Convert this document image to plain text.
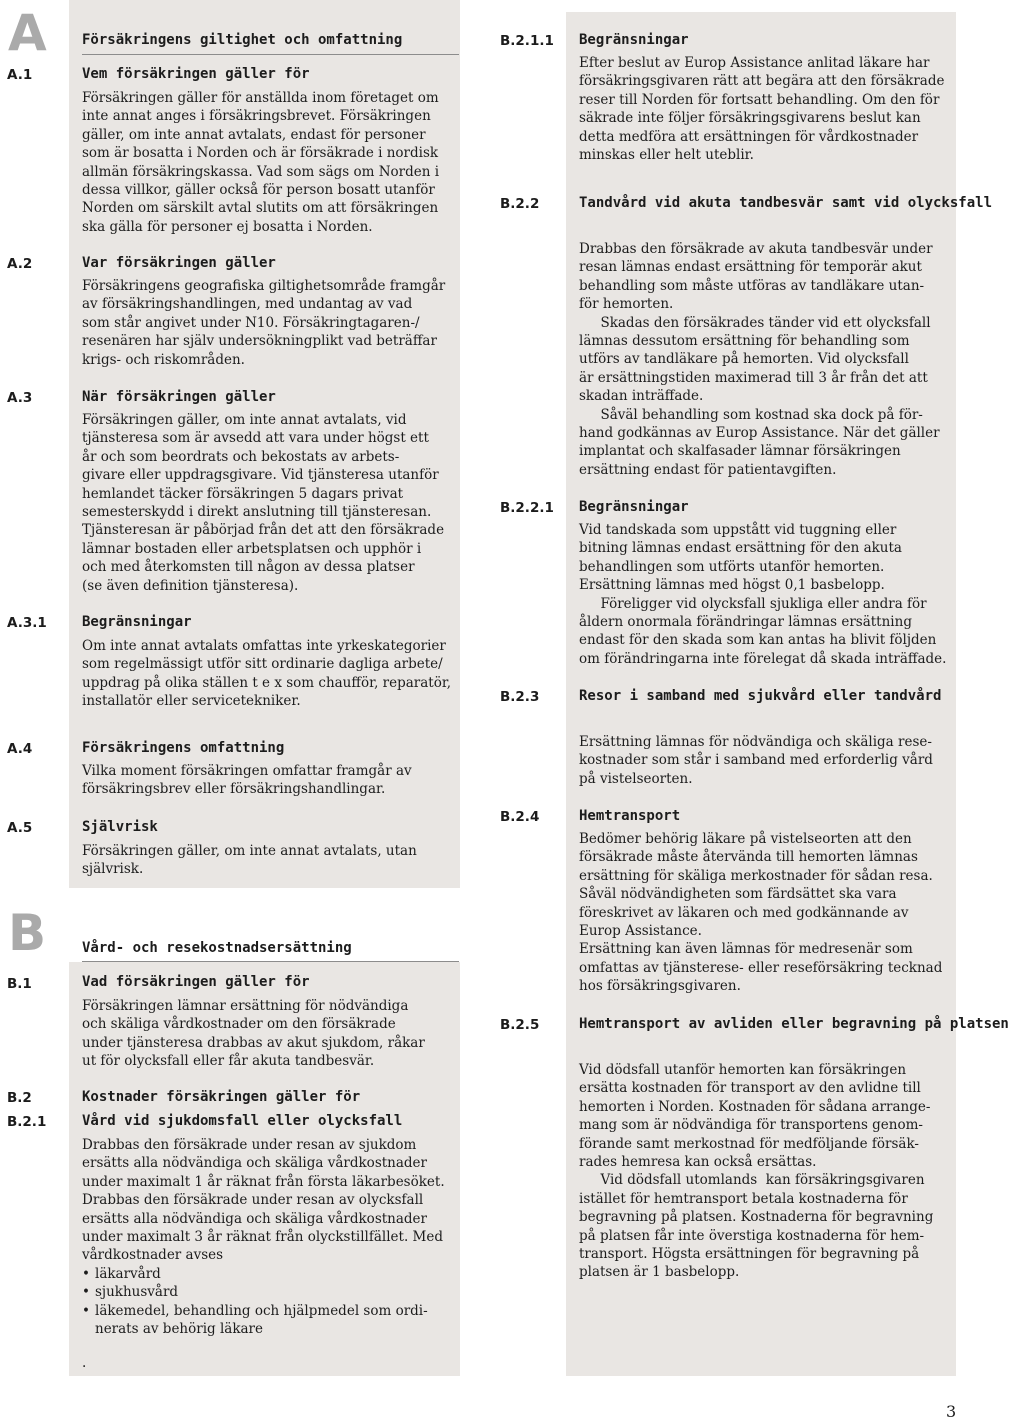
A	Försäkringens giltighet och omfattning
A.1	Vem försäkringen gäller för
Försäkringen gäller för anställda inom företaget om
inte annat anges i försäkringsbrevet. Försäkringen
gäller, om inte annat avtalats, endast för personer
som är bosatta i Norden och är försäkrade i nordisk
allmän försäkringskassa. Vad som sägs om Norden i
dessa villkor, gäller också för person bosatt utanför
Norden om särskilt avtal slutits om att försäkringen
ska gälla för personer ej bosatta i Norden.
A.2	Var försäkringen gäller
Försäkringens geografiska giltighetsområde framgår
av försäkringshandlingen, med undantag av vad
som står angivet under N10. Försäkringtagaren-/
resenären har själv undersökningplikt vad beträffar
krigs- och riskområden.
A.3	När försäkringen gäller
Försäkringen gäller, om inte annat avtalats, vid
tjänsteresa som är avsedd att vara under högst ett
år och som beordrats och bekostats av arbets-
givare eller uppdragsgivare. Vid tjänsteresa utanför
hemlandet täcker försäkringen 5 dagars privat
semesterskydd i direkt anslutning till tjänsteresan.
Tjänsteresan är påbörjad från det att den försäkrade
lämnar bostaden eller arbetsplatsen och upphör i
och med återkomsten till någon av dessa platser
(se även definition tjänsteresa).
A.3.1	Begränsningar
Om inte annat avtalats omfattas inte yrkeskategorier
som regelmässigt utför sitt ordinarie dagliga arbete/
uppdrag på olika ställen t e x som chaufför, reparatör,
installatör eller servicetekniker.
A.4	Försäkringens omfattning
Vilka moment försäkringen omfattar framgår av
försäkringsbrev eller försäkringshandlingar.
A.5	Självrisk
Försäkringen gäller, om inte annat avtalats, utan
självrisk.
B	Vård- och resekostnadsersättning
B.1	Vad försäkringen gäller för
Försäkringen lämnar ersättning för nödvändiga
och skäliga vårdkostnader om den försäkrade
under tjänsteresa drabbas av akut sjukdom, råkar
ut för olycksfall eller får akuta tandbesvär.
B.2	Kostnader försäkringen gäller för
B.2.1	Vård vid sjukdomsfall eller olycksfall
Drabbas den försäkrade under resan av sjukdom
ersätts alla nödvändiga och skäliga vårdkostnader
under maximalt 1 år räknat från första läkarbesöket.
Drabbas den försäkrade under resan av olycksfall
ersätts alla nödvändiga och skäliga vårdkostnader
under maximalt 3 år räknat från olyckstillfället. Med
vårdkostnader avses
• läkarvård
• sjukhusvård
• läkemedel, behandling och hjälpmedel som ordi-
nerats av behörig läkare
.
B.2.1.1 Begränsningar
Efter beslut av Europ Assistance anlitad läkare har
försäkringsgivaren rätt att begära att den försäkrade
reser till Norden för fortsatt behandling. Om den för
säkrade inte följer försäkringsgivarens beslut kan
detta medföra att ersättningen för vårdkostnader
minskas eller helt uteblir.
B.2.2	Tandvård vid akuta tandbesvär samt vid olycksfall
Drabbas den försäkrade av akuta tandbesvär under
resan lämnas endast ersättning för temporär akut
behandling som måste utföras av tandläkare utan-
för hemorten.
Skadas den försäkrades tänder vid ett olycksfall
lämnas dessutom ersättning för behandling som
utförs av tandläkare på hemorten. Vid olycksfall
är ersättningstiden maximerad till 3 år från det att
skadan inträffade.
Såväl behandling som kostnad ska dock på för-
hand godkännas av Europ Assistance. När det gäller
implantat och skalfasader lämnar försäkringen
ersättning endast för patientavgiften.
B.2.2.1 Begränsningar
Vid tandskada som uppstått vid tuggning eller
bitning lämnas endast ersättning för den akuta
behandlingen som utförts utanför hemorten.
Ersättning lämnas med högst 0,1 basbelopp.
Föreligger vid olycksfall sjukliga eller andra för
åldern onormala förändringar lämnas ersättning
endast för den skada som kan antas ha blivit följden
om förändringarna inte förelegat då skada inträffade.
B.2.3	Resor i samband med sjukvård eller tandvård
Ersättning lämnas för nödvändiga och skäliga rese-
kostnader som står i samband med erforderlig vård
på vistelseorten.
B.2.4	Hemtransport
Bedömer behörig läkare på vistelseorten att den
försäkrade måste återvända till hemorten lämnas
ersättning för skäliga merkostnader för sådan resa.
Såväl nödvändigheten som färdsättet ska vara
föreskrivet av läkaren och med godkännande av
Europ Assistance.
Ersättning kan även lämnas för medresenär som
omfattas av tjänsterese- eller reseförsäkring tecknad
hos försäkringsgivaren.
B.2.5	Hemtransport av avliden eller begravning på platsen
Vid dödsfall utanför hemorten kan försäkringen
ersätta kostnaden för transport av den avlidne till
hemorten i Norden. Kostnaden för sådana arrange-
mang som är nödvändiga för transportens genom-
förande samt merkostnad för medföljande försäk-
rades hemresa kan också ersättas.
Vid dödsfall utomlands  kan försäkringsgivaren
istället för hemtransport betala kostnaderna för
begravning på platsen. Kostnaderna för begravning
på platsen får inte överstiga kostnaderna för hem-
transport. Högsta ersättningen för begravning på
platsen är 1 basbelopp.
3
